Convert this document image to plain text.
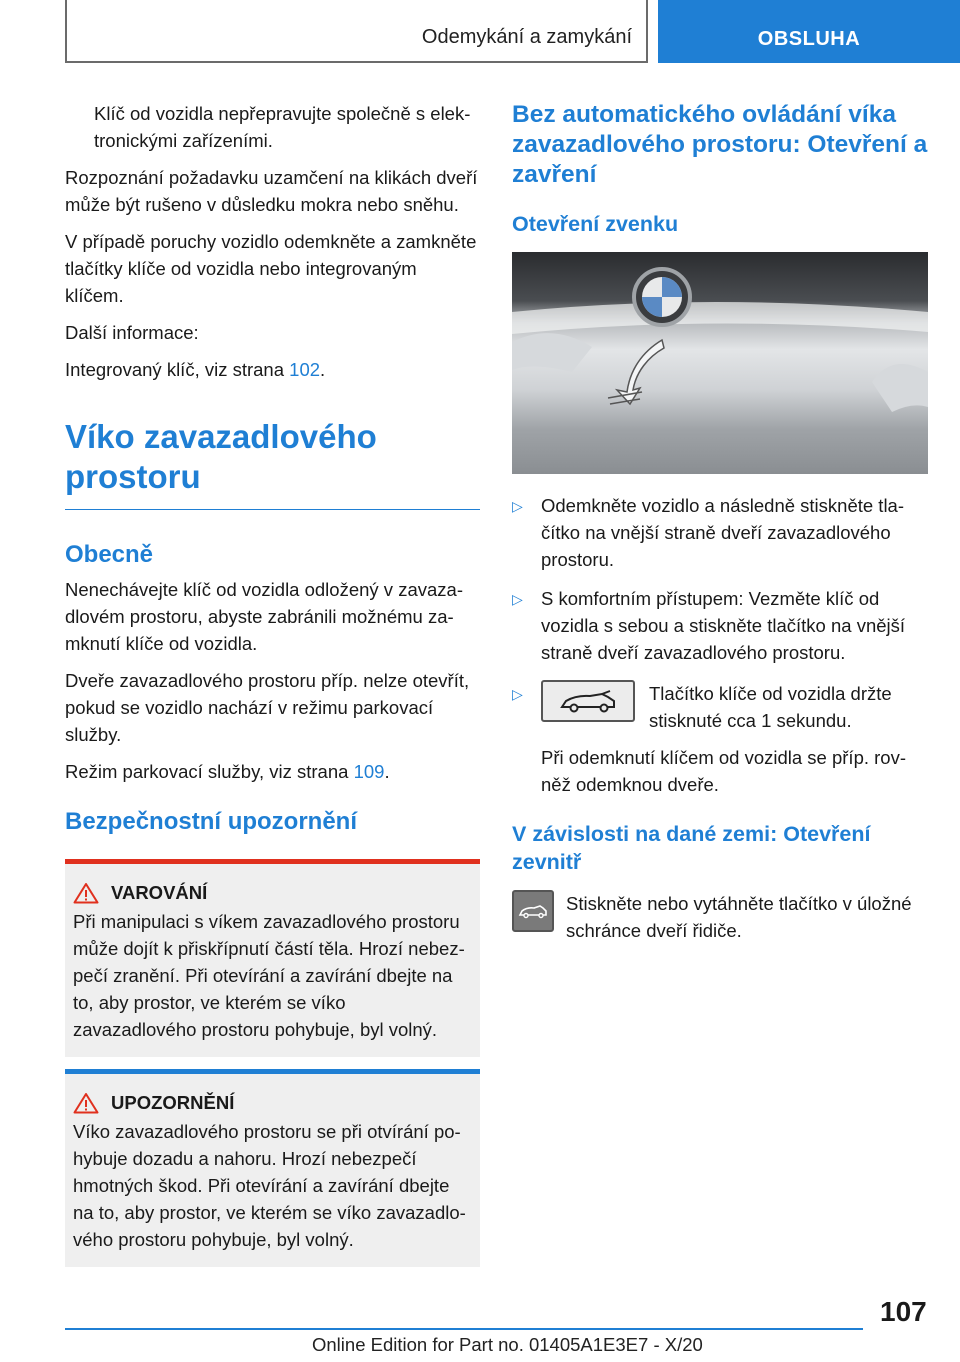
Odemykání a zamykání	OBSLUHA

Klíč od vozidla nepřepravujte společně s elektronickými zařízeními.

Rozpoznání požadavku uzamčení na klikách dveří může být rušeno v důsledku mokra nebo sněhu.

V případě poruchy vozidlo odemkněte a zamkněte tlačítky klíče od vozidla nebo integrovaným klíčem.

Další informace:

Integrovaný klíč, viz strana 102.

Víko zavazadlového prostoru
Obecně

Nenechávejte klíč od vozidla odložený v zavazadlovém prostoru, abyste zabránili možnému zamknutí klíče od vozidla.

Dveře zavazadlového prostoru příp. nelze otevřít, pokud se vozidlo nachází v režimu parkovací služby.

Režim parkovací služby, viz strana 109.

Bezpečnostní upozornění
VAROVÁNÍ

Při manipulaci s víkem zavazadlového prostoru může dojít k přiskřípnutí částí těla. Hrozí nebezpečí zranění. Při otevírání a zavírání dbejte na to, aby prostor, ve kterém se víko zavazadlového prostoru pohybuje, byl volný.

UPOZORNĚNÍ

Víko zavazadlového prostoru se při otvírání pohybuje dozadu a nahoru. Hrozí nebezpečí hmotných škod. Při otevírání a zavírání dbejte na to, aby prostor, ve kterém se víko zavazadlového prostoru pohybuje, byl volný.

Bez automatického ovládání víka zavazadlového prostoru: Otevření a zavření
Otevření zvenku
▷ Odemkněte vozidlo a následně stiskněte tlačítko na vnější straně dveří zavazadlového prostoru.
▷ S komfortním přístupem: Vezměte klíč od vozidla s sebou a stiskněte tlačítko na vnější straně dveří zavazadlového prostoru.
▷	Tlačítko klíče od vozidla držte stisknuté cca 1 sekundu.

Při odemknutí klíčem od vozidla se příp. rovněž odemknou dveře.

V závislosti na dané zemi: Otevření zevnitř

Stiskněte nebo vytáhněte tlačítko v úložné schránce dveří řidiče.

107
Online Edition for Part no. 01405A1E3E7 - X/20
